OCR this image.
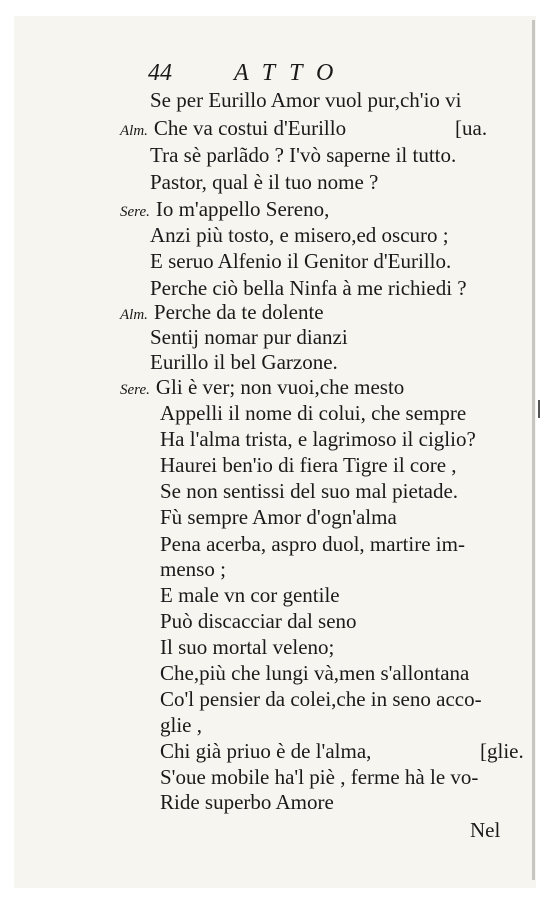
44	ATTO
Se per Eurillo Amor vuol pur,ch'io vi
Alm. Che va costui d'Eurillo	[ua.
Tra sè parlãdo ? I'vò saperne il tutto.
Pastor, qual è il tuo nome ?
Sere. Io m'appello Sereno,
Anzi più tosto, e misero,ed oscuro ;
E seruo Alfenio il Genitor d'Eurillo.
Perche ciò bella Ninfa à me richiedi ?
Alm. Perche da te dolente
Sentij nomar pur dianzi
Eurillo il bel Garzone.
Sere. Gli è ver; non vuoi,che mesto
Appelli il nome di colui, che sempre
Ha l'alma trista, e lagrimoso il ciglio?
Haurei ben'io di fiera Tigre il core ,
Se non sentissi del suo mal pietade.
Fù sempre Amor d'ogn'alma
Pena acerba, aspro duol, martire im-
menso ;
E male vn cor gentile
Può discacciar dal seno
Il suo mortal veleno;
Che,più che lungi và,men s'allontana
Co'l pensier da colei,che in seno acco-
glie ,
Chi già priuo è de l'alma,	[glie.
S'oue mobile ha'l piè , ferme hà le vo-
Ride superbo Amore
Nel
